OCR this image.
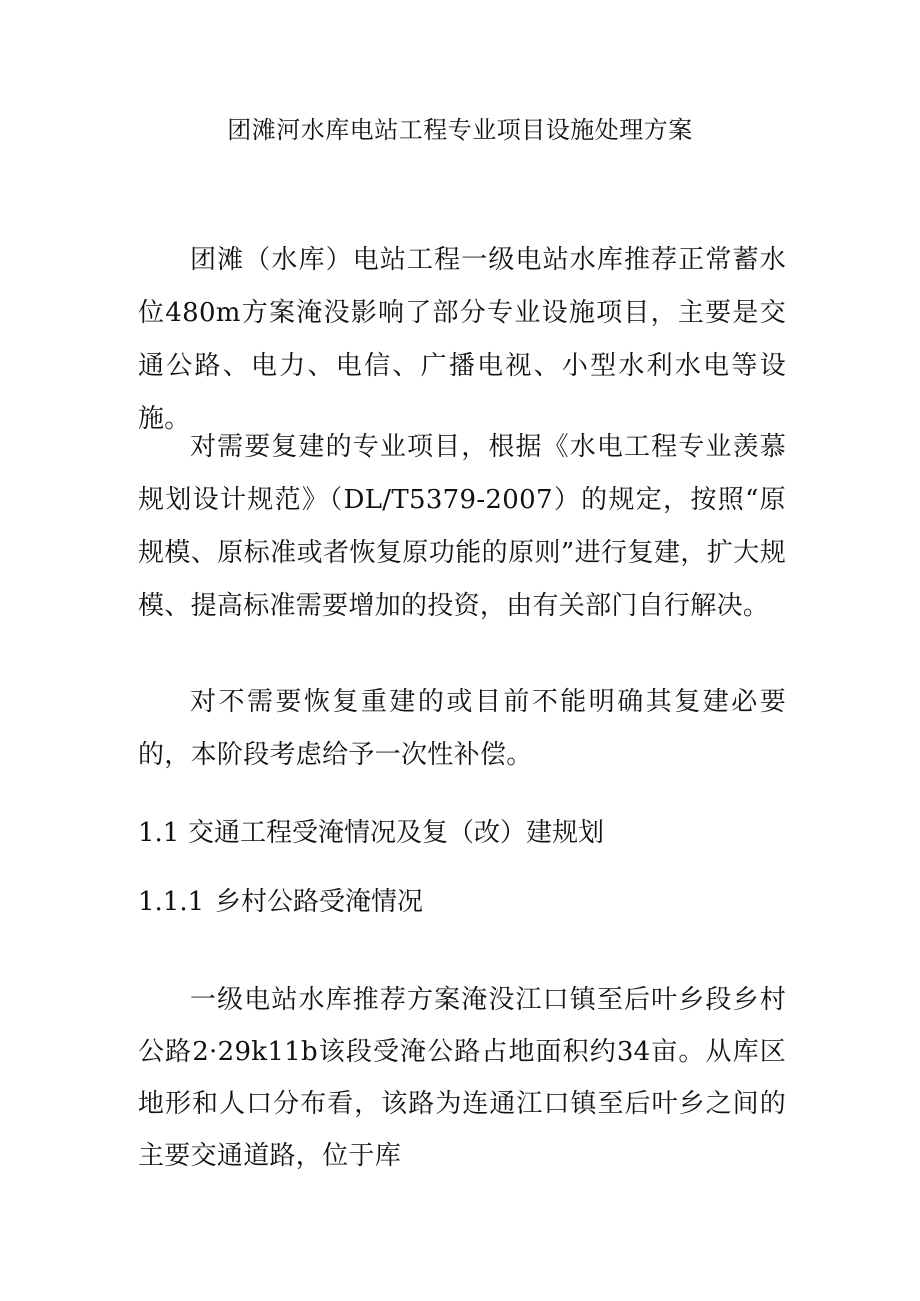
团滩河水库电站工程专业项目设施处理方案
团滩（水库）电站工程一级电站水库推荐正常蓄水位480m方案淹没影响了部分专业设施项目，主要是交通公路、电力、电信、广播电视、小型水利水电等设施。
对需要复建的专业项目，根据《水电工程专业羡慕规划设计规范》（DL/T5379-2007）的规定，按照“原规模、原标准或者恢复原功能的原则”进行复建，扩大规模、提高标准需要增加的投资，由有关部门自行解决。
对不需要恢复重建的或目前不能明确其复建必要的，本阶段考虑给予一次性补偿。
1.1 交通工程受淹情况及复（改）建规划
1.1.1 乡村公路受淹情况
一级电站水库推荐方案淹没江口镇至后叶乡段乡村公路2·29k11b该段受淹公路占地面积约34亩。从库区地形和人口分布看，该路为连通江口镇至后叶乡之间的主要交通道路，位于库
